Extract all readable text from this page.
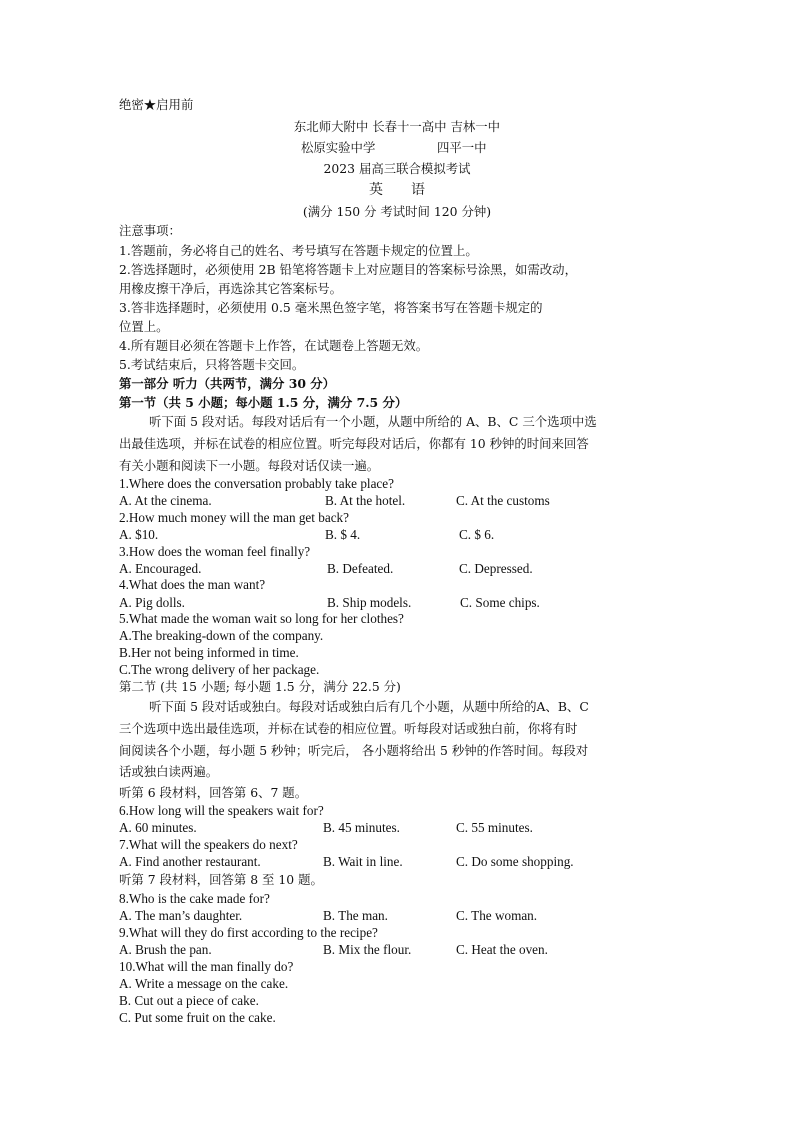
绝密★启用前
东北师大附中 长春十一高中 吉林一中
松原实验中学	四平一中
2023 届高三联合模拟考试
英　　语
(满分 150 分 考试时间 120 分钟)
注意事项：
1.答题前，务必将自己的姓名、考号填写在答题卡规定的位置上。
2.答选择题时，必须使用 2B 铅笔将答题卡上对应题目的答案标号涂黑，如需改动，
用橡皮擦干净后，再选涂其它答案标号。
3.答非选择题时，必须使用 0.5 毫米黑色签字笔，将答案书写在答题卡规定的
位置上。
4.所有题目必须在答题卡上作答，在试题卷上答题无效。
5.考试结束后，只将答题卡交回。
第一部分 听力（共两节，满分 30 分）
第一节（共 5 小题；每小题 1.5 分，满分 7.5 分）
听下面 5 段对话。每段对话后有一个小题，从题中所给的 A、B、C 三个选项中选
出最佳选项，并标在试卷的相应位置。听完每段对话后，你都有 10 秒钟的时间来回答
有关小题和阅读下一小题。每段对话仅读一遍。
1.Where does the conversation probably take place?
A. At the cinema.	B. At the hotel.	C. At the customs
2.How much money will the man get back?
A. $10.	B. $ 4.	C. $ 6.
3.How does the woman feel finally?
A. Encouraged.	B. Defeated.	C. Depressed.
4.What does the man want?
A. Pig dolls.	B. Ship models.	C. Some chips.
5.What made the woman wait so long for her clothes?
A.The breaking-down of the company.
B.Her not being informed in time.
C.The wrong delivery of her package.
第二节 (共 15 小题; 每小题 1.5 分，满分 22.5 分)
听下面 5 段对话或独白。每段对话或独白后有几个小题，从题中所给的A、B、C
三个选项中选出最佳选项，并标在试卷的相应位置。听每段对话或独白前，你将有时
间阅读各个小题，每小题 5 秒钟；听完后， 各小题将给出 5 秒钟的作答时间。每段对
话或独白读两遍。
听第 6 段材料，回答第 6、7 题。
6.How long will the speakers wait for?
A. 60 minutes.	B. 45 minutes.	C. 55 minutes.
7.What will the speakers do next?
A. Find another restaurant.	B. Wait in line.	C. Do some shopping.
听第 7 段材料，回答第 8 至 10 题。
8.Who is the cake made for?
A. The man’s daughter.	B. The man.	C. The woman.
9.What will they do first according to the recipe?
A. Brush the pan.	B. Mix the flour.	C. Heat the oven.
10.What will the man finally do?
A. Write a message on the cake.
B. Cut out a piece of cake.
C. Put some fruit on the cake.
